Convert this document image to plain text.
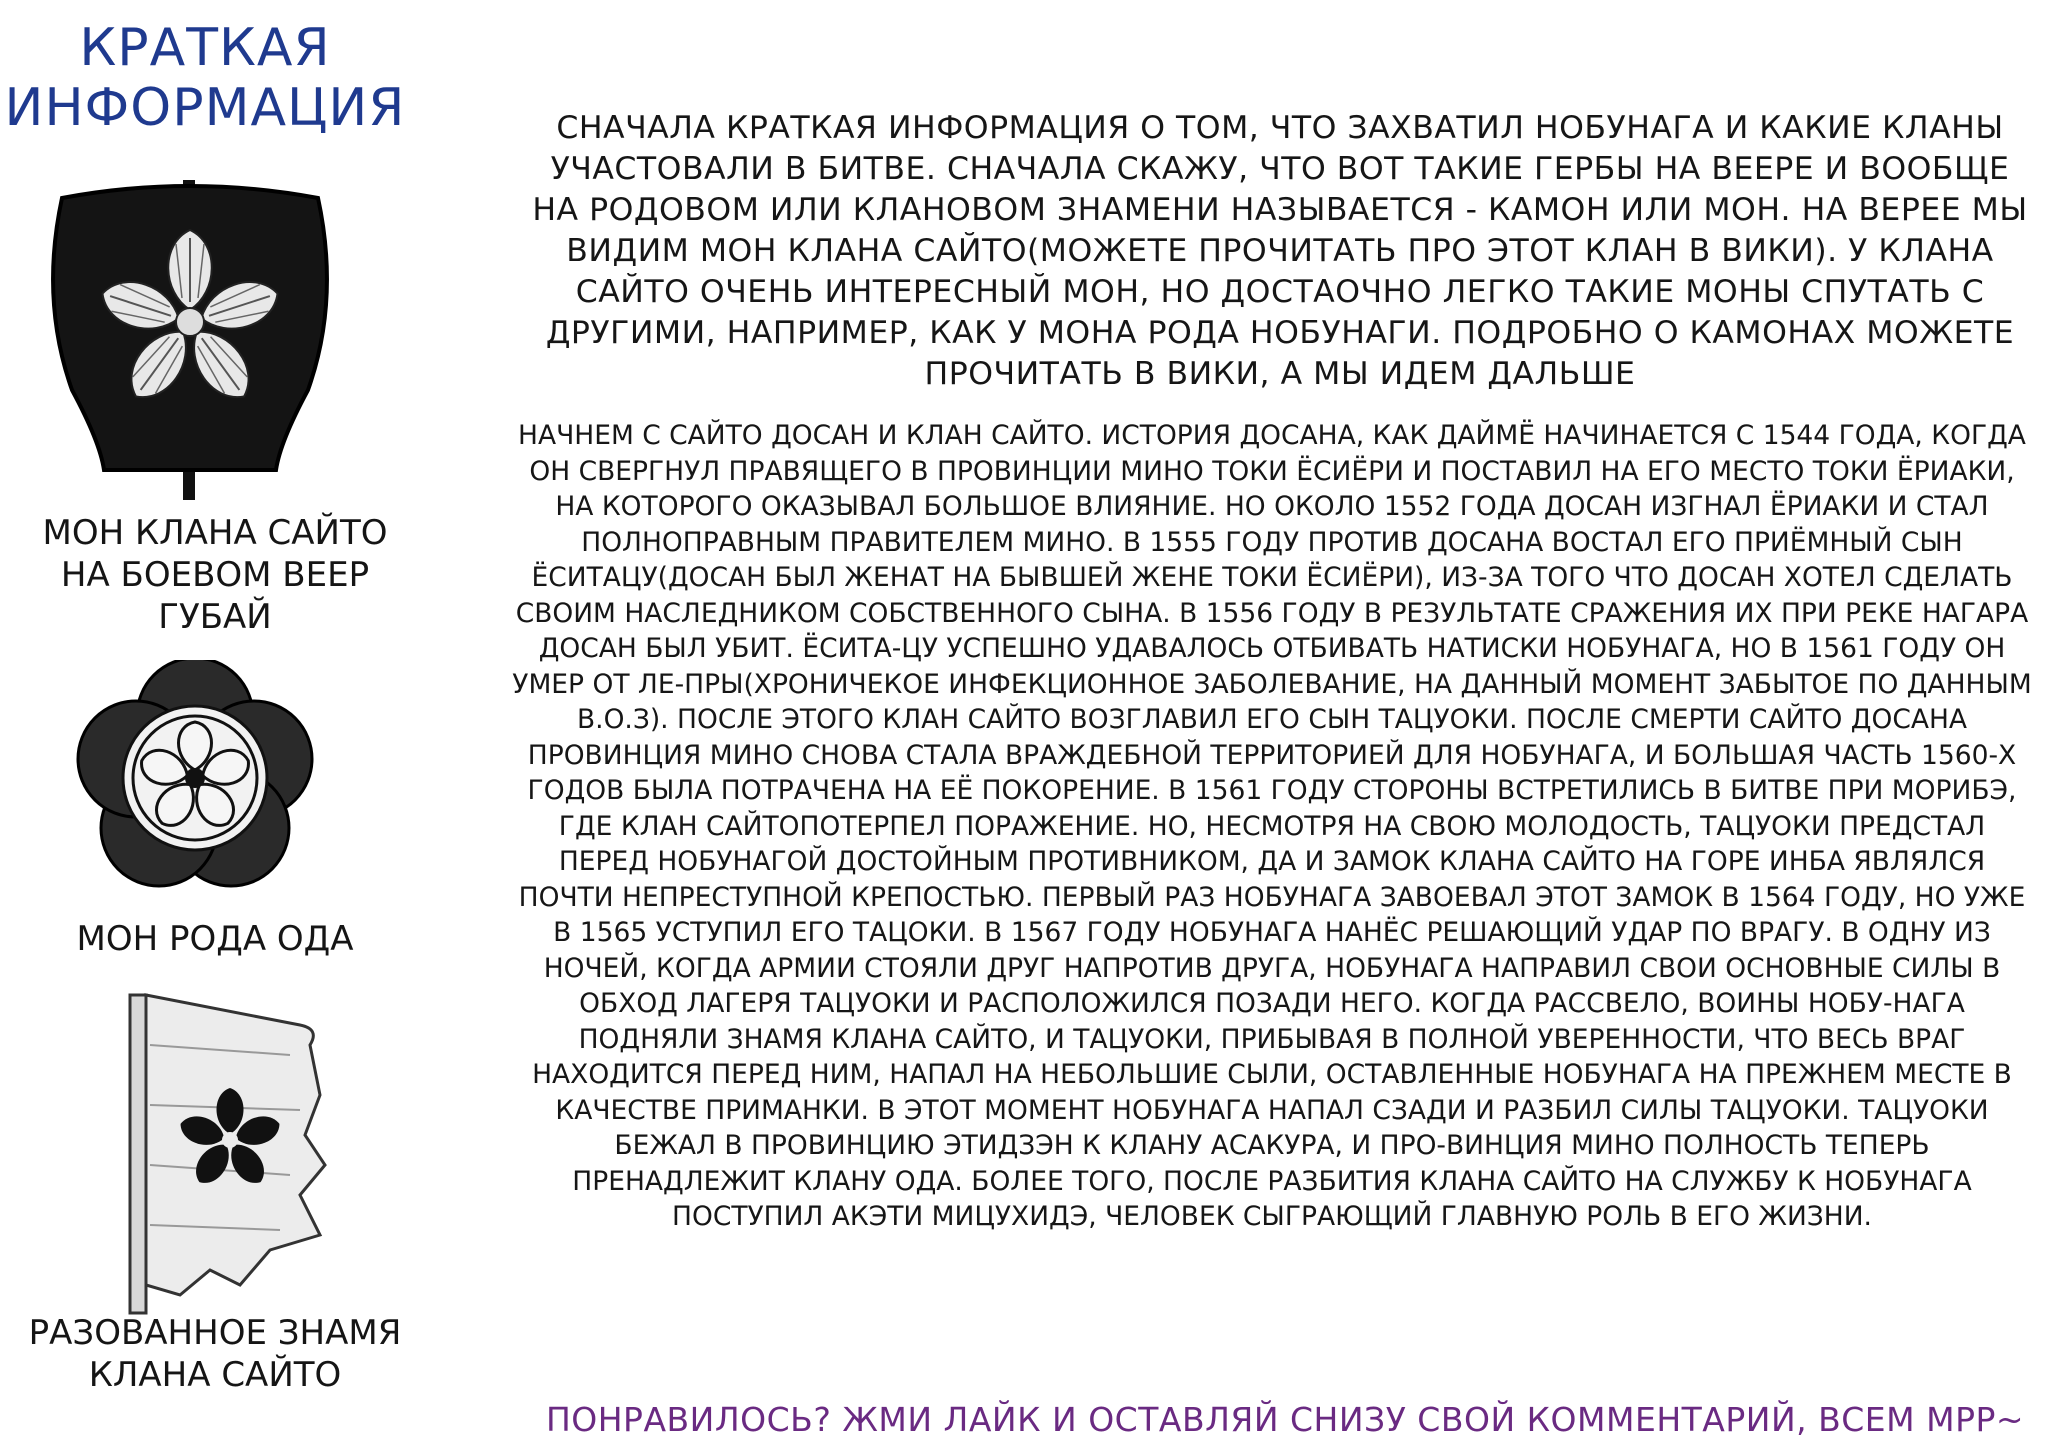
КРАТКАЯ
ИНФОРМАЦИЯ
МОН КЛАНА САЙТО
НА БОЕВОМ ВЕЕР
ГУБАЙ
МОН РОДА ОДА
РАЗОВАННОЕ ЗНАМЯ
КЛАНА САЙТО
СНАЧАЛА КРАТКАЯ ИНФОРМАЦИЯ О ТОМ, ЧТО ЗАХВАТИЛ НОБУНАГА И КАКИЕ КЛАНЫ УЧАСТОВАЛИ В БИТВЕ. СНАЧАЛА СКАЖУ, ЧТО ВОТ ТАКИЕ ГЕРБЫ НА ВЕЕРЕ И ВООБЩЕ НА РОДОВОМ ИЛИ КЛАНОВОМ ЗНАМЕНИ НАЗЫВАЕТСЯ - КАМОН ИЛИ МОН. НА ВЕРЕЕ МЫ ВИДИМ МОН КЛАНА САЙТО(МОЖЕТЕ ПРОЧИТАТЬ ПРО ЭТОТ КЛАН В ВИКИ). У КЛАНА САЙТО ОЧЕНЬ ИНТЕРЕСНЫЙ МОН, НО ДОСТАОЧНО ЛЕГКО ТАКИЕ МОНЫ СПУТАТЬ С ДРУГИМИ, НАПРИМЕР, КАК У МОНА РОДА НОБУНАГИ. ПОДРОБНО О КАМОНАХ МОЖЕТЕ ПРОЧИТАТЬ В ВИКИ, А МЫ ИДЕМ ДАЛЬШЕ
НАЧНЕМ С САЙТО ДОСАН И КЛАН САЙТО. ИСТОРИЯ ДОСАНА, КАК ДАЙМЁ НАЧИНАЕТСЯ С 1544 ГОДА, КОГДА ОН СВЕРГНУЛ ПРАВЯЩЕГО В ПРОВИНЦИИ МИНО ТОКИ ЁСИЁРИ И ПОСТАВИЛ НА ЕГО МЕСТО ТОКИ ЁРИАКИ, НА КОТОРОГО ОКАЗЫВАЛ БОЛЬШОЕ ВЛИЯНИЕ. НО ОКОЛО 1552 ГОДА ДОСАН ИЗГНАЛ ЁРИАКИ И СТАЛ ПОЛНОПРАВНЫМ ПРАВИТЕЛЕМ МИНО. В 1555 ГОДУ ПРОТИВ ДОСАНА ВОСТАЛ ЕГО ПРИЁМНЫЙ СЫН ЁСИТАЦУ(ДОСАН БЫЛ ЖЕНАТ НА БЫВШЕЙ ЖЕНЕ ТОКИ ЁСИЁРИ), ИЗ-ЗА ТОГО ЧТО ДОСАН ХОТЕЛ СДЕЛАТЬ СВОИМ НАСЛЕДНИКОМ СОБСТВЕННОГО СЫНА. В 1556 ГОДУ В РЕЗУЛЬТАТЕ СРАЖЕНИЯ ИХ ПРИ РЕКЕ НАГАРА ДОСАН БЫЛ УБИТ. ЁСИТА-ЦУ УСПЕШНО УДАВАЛОСЬ ОТБИВАТЬ НАТИСКИ НОБУНАГА, НО В 1561 ГОДУ ОН УМЕР ОТ ЛЕ-ПРЫ(ХРОНИЧЕКОЕ ИНФЕКЦИОННОЕ ЗАБОЛЕВАНИЕ, НА ДАННЫЙ МОМЕНТ ЗАБЫТОЕ ПО ДАННЫМ В.О.З). ПОСЛЕ ЭТОГО КЛАН САЙТО ВОЗГЛАВИЛ ЕГО СЫН ТАЦУОКИ. ПОСЛЕ СМЕРТИ САЙТО ДОСАНА ПРОВИНЦИЯ МИНО СНОВА СТАЛА ВРАЖДЕБНОЙ ТЕРРИТОРИЕЙ ДЛЯ НОБУНАГА, И БОЛЬШАЯ ЧАСТЬ 1560-Х ГОДОВ БЫЛА ПОТРАЧЕНА НА ЕЁ ПОКОРЕНИЕ. В 1561 ГОДУ СТОРОНЫ ВСТРЕТИЛИСЬ В БИТВЕ ПРИ МОРИБЭ, ГДЕ КЛАН САЙТОПОТЕРПЕЛ ПОРАЖЕНИЕ. НО, НЕСМОТРЯ НА СВОЮ МОЛОДОСТЬ, ТАЦУОКИ ПРЕДСТАЛ ПЕРЕД НОБУНАГОЙ ДОСТОЙНЫМ ПРОТИВНИКОМ, ДА И ЗАМОК КЛАНА САЙТО НА ГОРЕ ИНБА ЯВЛЯЛСЯ ПОЧТИ НЕПРЕСТУПНОЙ КРЕПОСТЬЮ. ПЕРВЫЙ РАЗ НОБУНАГА ЗАВОЕВАЛ ЭТОТ ЗАМОК В 1564 ГОДУ, НО УЖЕ В 1565 УСТУПИЛ ЕГО ТАЦОКИ. В 1567 ГОДУ НОБУНАГА НАНЁС РЕШАЮЩИЙ УДАР ПО ВРАГУ. В ОДНУ ИЗ НОЧЕЙ, КОГДА АРМИИ СТОЯЛИ ДРУГ НАПРОТИВ ДРУГА, НОБУНАГА НАПРАВИЛ СВОИ ОСНОВНЫЕ СИЛЫ В ОБХОД ЛАГЕРЯ ТАЦУОКИ И РАСПОЛОЖИЛСЯ ПОЗАДИ НЕГО. КОГДА РАССВЕЛО, ВОИНЫ НОБУ-НАГА ПОДНЯЛИ ЗНАМЯ КЛАНА САЙТО, И ТАЦУОКИ, ПРИБЫВАЯ В ПОЛНОЙ УВЕРЕННОСТИ, ЧТО ВЕСЬ ВРАГ НАХОДИТСЯ ПЕРЕД НИМ, НАПАЛ НА НЕБОЛЬШИЕ СЫЛИ, ОСТАВЛЕННЫЕ НОБУНАГА НА ПРЕЖНЕМ МЕСТЕ В КАЧЕСТВЕ ПРИМАНКИ. В ЭТОТ МОМЕНТ НОБУНАГА НАПАЛ СЗАДИ И РАЗБИЛ СИЛЫ ТАЦУОКИ. ТАЦУОКИ БЕЖАЛ В ПРОВИНЦИЮ ЭТИДЗЭН К КЛАНУ АСАКУРА, И ПРО-ВИНЦИЯ МИНО ПОЛНОСТЬ ТЕПЕРЬ ПРЕНАДЛЕЖИТ КЛАНУ ОДА. БОЛЕЕ ТОГО, ПОСЛЕ РАЗБИТИЯ КЛАНА САЙТО НА СЛУЖБУ К НОБУНАГА ПОСТУПИЛ АКЭТИ МИЦУХИДЭ, ЧЕЛОВЕК СЫГРАЮЩИЙ ГЛАВНУЮ РОЛЬ В ЕГО ЖИЗНИ.
ПОНРАВИЛОСЬ? ЖМИ ЛАЙК И ОСТАВЛЯЙ СНИЗУ СВОЙ КОММЕНТАРИЙ, ВСЕМ МРР~
